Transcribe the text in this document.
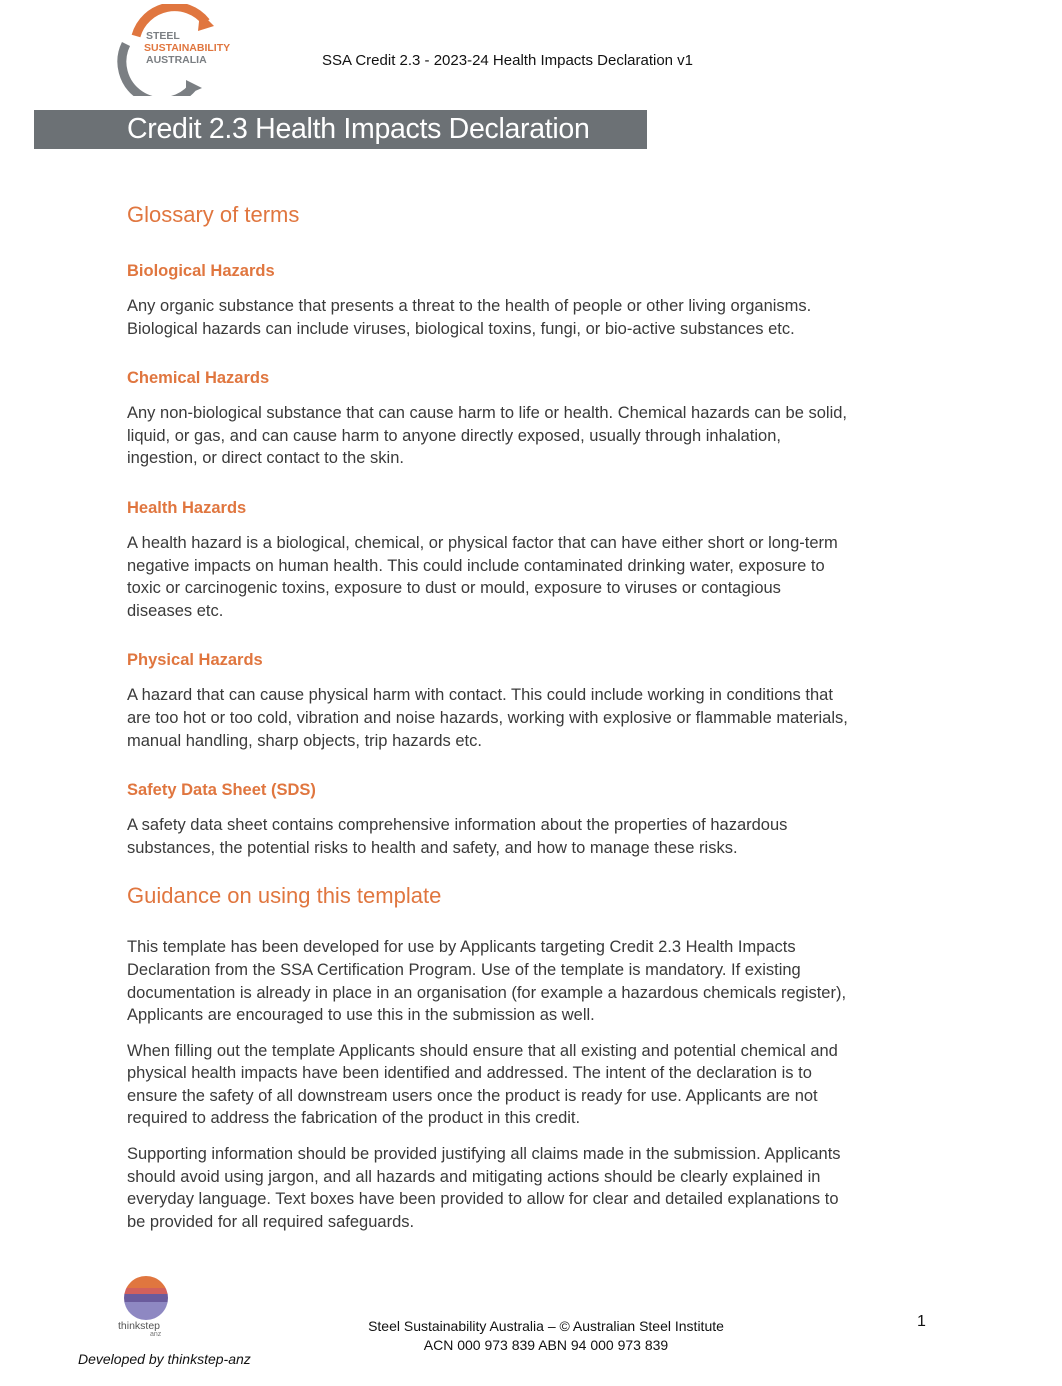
STEEL
SUSTAINABILITY
AUSTRALIA	SSA Credit 2.3 - 2023-24 Health Impacts Declaration v1
Credit 2.3 Health Impacts Declaration
Glossary of terms
Biological Hazards

Any organic substance that presents a threat to the health of people or other living organisms.
Biological hazards can include viruses, biological toxins, fungi, or bio-active substances etc.

Chemical Hazards

Any non-biological substance that can cause harm to life or health. Chemical hazards can be solid,
liquid, or gas, and can cause harm to anyone directly exposed, usually through inhalation,
ingestion, or direct contact to the skin.

Health Hazards

A health hazard is a biological, chemical, or physical factor that can have either short or long-term
negative impacts on human health. This could include contaminated drinking water, exposure to
toxic or carcinogenic toxins, exposure to dust or mould, exposure to viruses or contagious
diseases etc.

Physical Hazards

A hazard that can cause physical harm with contact. This could include working in conditions that
are too hot or too cold, vibration and noise hazards, working with explosive or flammable materials,
manual handling, sharp objects, trip hazards etc.

Safety Data Sheet (SDS)

A safety data sheet contains comprehensive information about the properties of hazardous
substances, the potential risks to health and safety, and how to manage these risks.

Guidance on using this template

This template has been developed for use by Applicants targeting Credit 2.3 Health Impacts
Declaration from the SSA Certification Program. Use of the template is mandatory. If existing
documentation is already in place in an organisation (for example a hazardous chemicals register),
Applicants are encouraged to use this in the submission as well.

When filling out the template Applicants should ensure that all existing and potential chemical and
physical health impacts have been identified and addressed. The intent of the declaration is to
ensure the safety of all downstream users once the product is ready for use. Applicants are not
required to address the fabrication of the product in this credit.

Supporting information should be provided justifying all claims made in the submission. Applicants
should avoid using jargon, and all hazards and mitigating actions should be clearly explained in
everyday language. Text boxes have been provided to allow for clear and detailed explanations to
be provided for all required safeguards.

thinkstep
anz
Developed by thinkstep-anz
Steel Sustainability Australia – © Australian Steel Institute
ACN 000 973 839 ABN 94 000 973 839
1
